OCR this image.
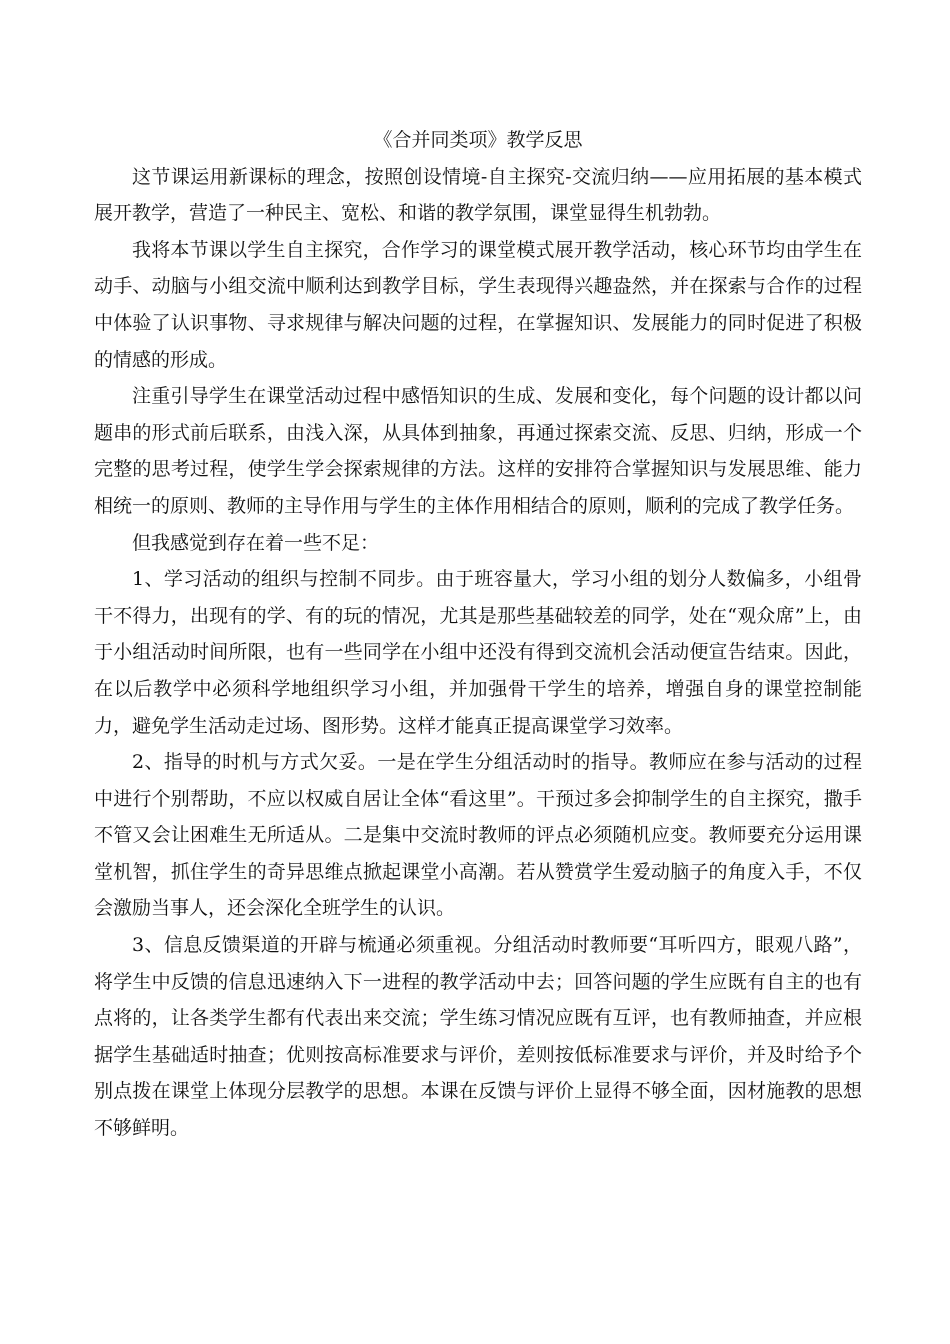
《合并同类项》教学反思

这节课运用新课标的理念，按照创设情境-自主探究-交流归纳——应用拓展的基本模式展开教学，营造了一种民主、宽松、和谐的教学氛围，课堂显得生机勃勃。

我将本节课以学生自主探究，合作学习的课堂模式展开教学活动，核心环节均由学生在动手、动脑与小组交流中顺利达到教学目标，学生表现得兴趣盎然，并在探索与合作的过程中体验了认识事物、寻求规律与解决问题的过程，在掌握知识、发展能力的同时促进了积极的情感的形成。

注重引导学生在课堂活动过程中感悟知识的生成、发展和变化，每个问题的设计都以问题串的形式前后联系，由浅入深，从具体到抽象，再通过探索交流、反思、归纳，形成一个完整的思考过程，使学生学会探索规律的方法。这样的安排符合掌握知识与发展思维、能力相统一的原则、教师的主导作用与学生的主体作用相结合的原则，顺利的完成了教学任务。

但我感觉到存在着一些不足：

1、学习活动的组织与控制不同步。由于班容量大，学习小组的划分人数偏多，小组骨干不得力，出现有的学、有的玩的情况，尤其是那些基础较差的同学，处在“观众席”上，由于小组活动时间所限，也有一些同学在小组中还没有得到交流机会活动便宣告结束。因此，在以后教学中必须科学地组织学习小组，并加强骨干学生的培养，增强自身的课堂控制能力，避免学生活动走过场、图形势。这样才能真正提高课堂学习效率。

2、指导的时机与方式欠妥。一是在学生分组活动时的指导。教师应在参与活动的过程中进行个别帮助，不应以权威自居让全体“看这里”。干预过多会抑制学生的自主探究，撒手不管又会让困难生无所适从。二是集中交流时教师的评点必须随机应变。教师要充分运用课堂机智，抓住学生的奇异思维点掀起课堂小高潮。若从赞赏学生爱动脑子的角度入手，不仅会激励当事人，还会深化全班学生的认识。

3、信息反馈渠道的开辟与梳通必须重视。分组活动时教师要“耳听四方，眼观八路”，将学生中反馈的信息迅速纳入下一进程的教学活动中去；回答问题的学生应既有自主的也有点将的，让各类学生都有代表出来交流；学生练习情况应既有互评，也有教师抽查，并应根据学生基础适时抽查；优则按高标准要求与评价，差则按低标准要求与评价，并及时给予个别点拨在课堂上体现分层教学的思想。本课在反馈与评价上显得不够全面，因材施教的思想不够鲜明。
